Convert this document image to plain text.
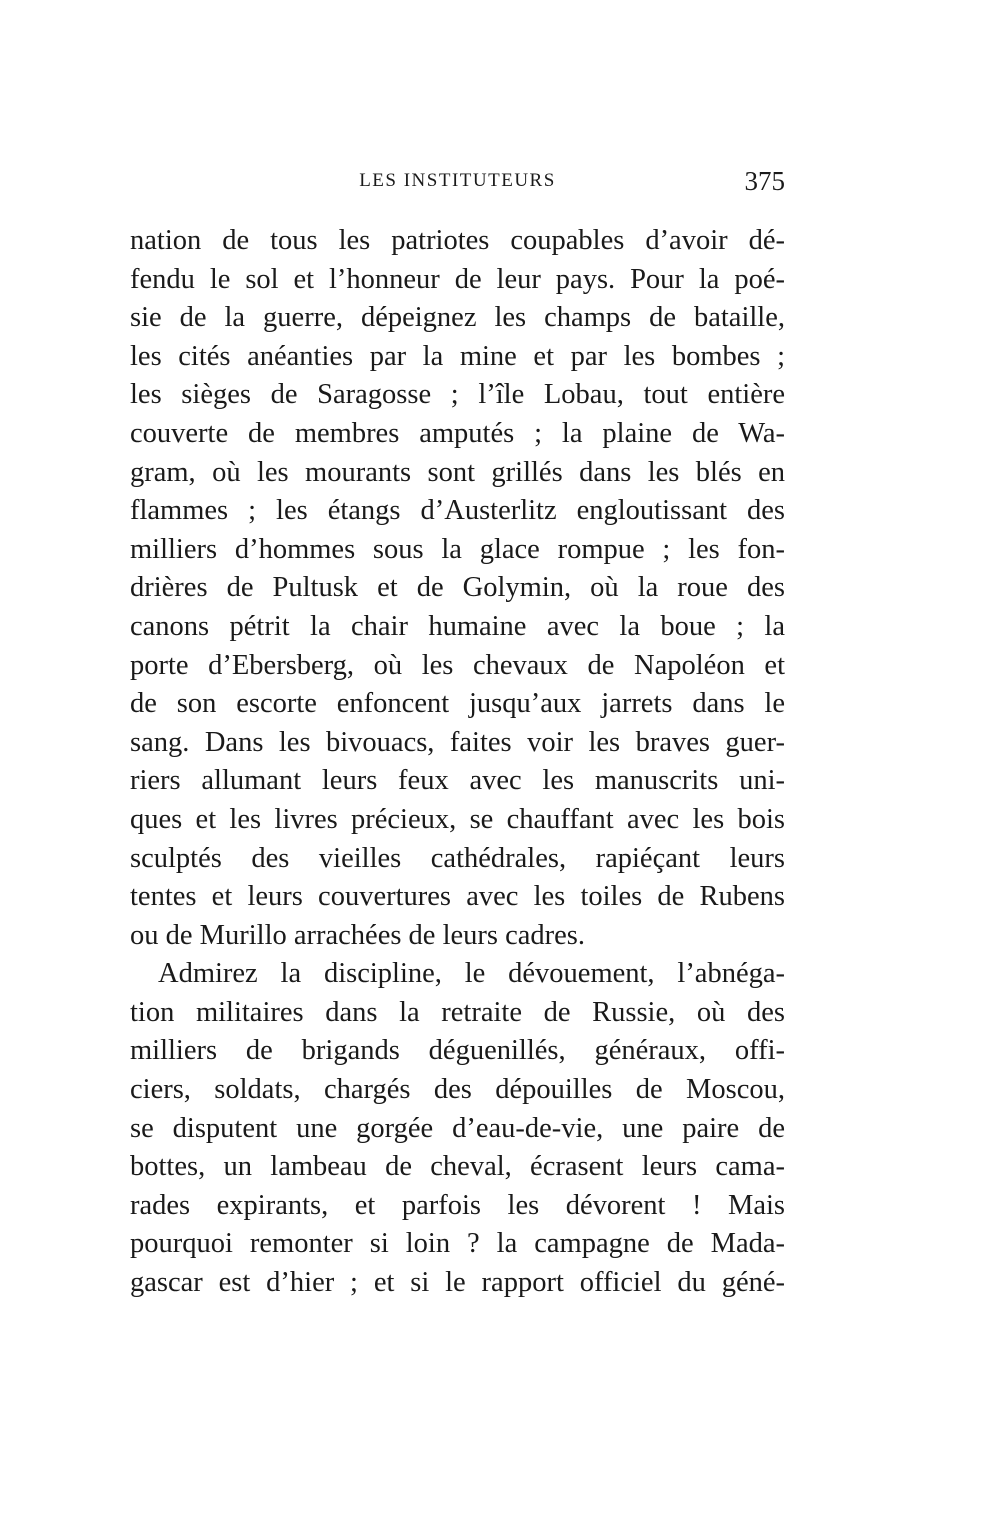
LES INSTITUTEURS	375
nation de tous les patriotes coupables d’avoir dé-
fendu le sol et l’honneur de leur pays. Pour la poé-
sie de la guerre, dépeignez les champs de bataille,
les cités anéanties par la mine et par les bombes ;
les sièges de Saragosse ; l’île Lobau, tout entière
couverte de membres amputés ; la plaine de Wa-
gram, où les mourants sont grillés dans les blés en
flammes ; les étangs d’Austerlitz engloutissant des
milliers d’hommes sous la glace rompue ; les fon-
drières de Pultusk et de Golymin, où la roue des
canons pétrit la chair humaine avec la boue ; la
porte d’Ebersberg, où les chevaux de Napoléon et
de son escorte enfoncent jusqu’aux jarrets dans le
sang. Dans les bivouacs, faites voir les braves guer-
riers allumant leurs feux avec les manuscrits uni-
ques et les livres précieux, se chauffant avec les bois
sculptés des vieilles cathédrales, rapiéçant leurs
tentes et leurs couvertures avec les toiles de Rubens
ou de Murillo arrachées de leurs cadres.
Admirez la discipline, le dévouement, l’abnéga-
tion militaires dans la retraite de Russie, où des
milliers de brigands déguenillés, généraux, offi-
ciers, soldats, chargés des dépouilles de Moscou,
se disputent une gorgée d’eau-de-vie, une paire de
bottes, un lambeau de cheval, écrasent leurs cama-
rades expirants, et parfois les dévorent ! Mais
pourquoi remonter si loin ? la campagne de Mada-
gascar est d’hier ; et si le rapport officiel du géné-
